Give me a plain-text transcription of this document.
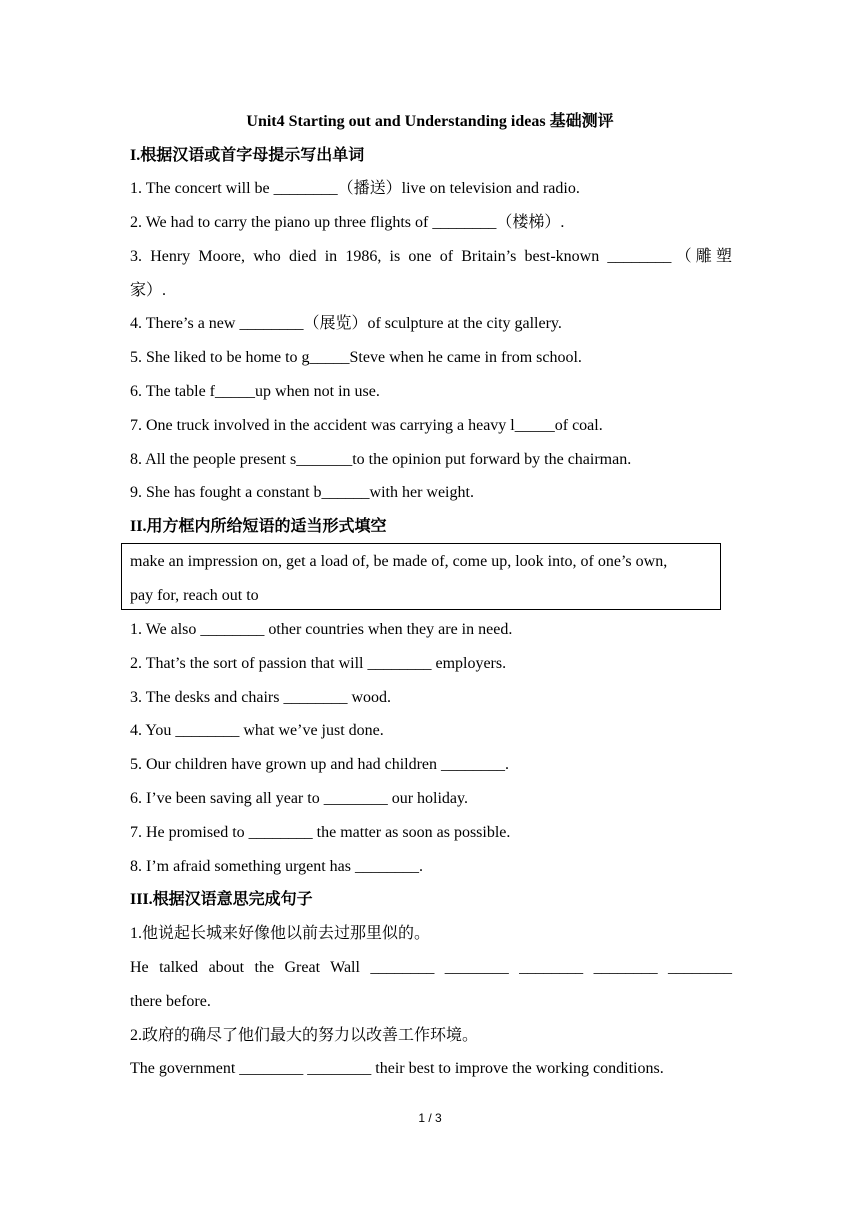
Unit4 Starting out and Understanding ideas 基础测评
I.根据汉语或首字母提示写出单词
1. The concert will be ________（播送）live on television and radio.
2. We had to carry the piano up three flights of ________（楼梯）.
3. Henry Moore, who died in 1986, is one of Britain’s best-known ________（雕塑
家）.
4. There’s a new ________（展览）of sculpture at the city gallery.
5. She liked to be home to g_____Steve when he came in from school.
6. The table f_____up when not in use.
7. One truck involved in the accident was carrying a heavy l_____of coal.
8. All the people present s_______to the opinion put forward by the chairman.
9. She has fought a constant b______with her weight.
II.用方框内所给短语的适当形式填空
make an impression on, get a load of, be made of, come up, look into, of one’s own,
pay for, reach out to
1. We also ________ other countries when they are in need.
2. That’s the sort of passion that will ________ employers.
3. The desks and chairs ________ wood.
4. You ________ what we’ve just done.
5. Our children have grown up and had children ________.
6. I’ve been saving all year to ________ our holiday.
7. He promised to ________ the matter as soon as possible.
8. I’m afraid something urgent has ________.
III.根据汉语意思完成句子
1.他说起长城来好像他以前去过那里似的。
He talked about the Great Wall ________ ________ ________ ________ ________
there before.
2.政府的确尽了他们最大的努力以改善工作环境。
The government ________ ________ their best to improve the working conditions.
1 / 3
